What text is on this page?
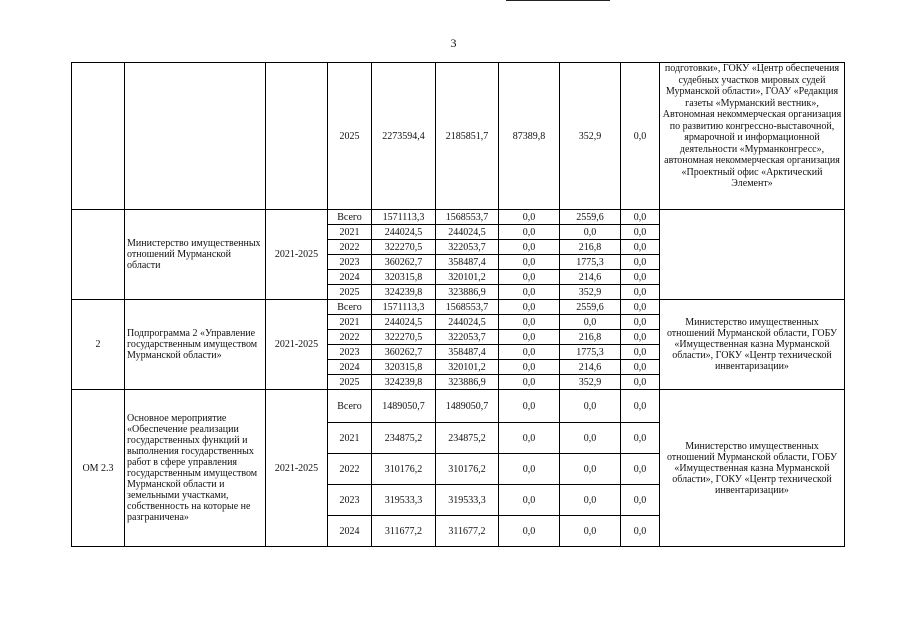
3
			2025	2273594,4	2185851,7	87389,8	352,9	0,0	подготовки», ГОКУ «Центр обеспечения судебных участков мировых судей Мурманской области», ГОАУ «Редакция газеты «Мурманский вестник», Автономная некоммерческая организация по развитию конгрессно-выставочной, ярмарочной и информационной деятельности «Мурманконгресс», автономная некоммерческая организация «Проектный офис «Арктический Элемент»
	Министерство имущественных отношений Мурманской области	2021-2025	Всего	1571113,3	1568553,7	0,0	2559,6	0,0	
			2021	244024,5	244024,5	0,0	0,0	0,0	
			2022	322270,5	322053,7	0,0	216,8	0,0	
			2023	360262,7	358487,4	0,0	1775,3	0,0	
			2024	320315,8	320101,2	0,0	214,6	0,0	
			2025	324239,8	323886,9	0,0	352,9	0,0	
2	Подпрограмма 2 «Управление государственным имуществом Мурманской области»	2021-2025	Всего	1571113,3	1568553,7	0,0	2559,6	0,0	Министерство имущественных отношений Мурманской области, ГОБУ «Имущественная казна Мурманской области», ГОКУ «Центр технической инвентаризации»
			2021	244024,5	244024,5	0,0	0,0	0,0	
			2022	322270,5	322053,7	0,0	216,8	0,0	
			2023	360262,7	358487,4	0,0	1775,3	0,0	
			2024	320315,8	320101,2	0,0	214,6	0,0	
			2025	324239,8	323886,9	0,0	352,9	0,0	
ОМ 2.3	Основное мероприятие «Обеспечение реализации государственных функций и выполнения государственных работ в сфере управления государственным имуществом Мурманской области и земельными участками, собственность на которые не разграничена»	2021-2025	Всего	1489050,7	1489050,7	0,0	0,0	0,0	Министерство имущественных отношений Мурманской области, ГОБУ «Имущественная казна Мурманской области», ГОКУ «Центр технической инвентаризации»
			2021	234875,2	234875,2	0,0	0,0	0,0	
			2022	310176,2	310176,2	0,0	0,0	0,0	
			2023	319533,3	319533,3	0,0	0,0	0,0	
			2024	311677,2	311677,2	0,0	0,0	0,0	
